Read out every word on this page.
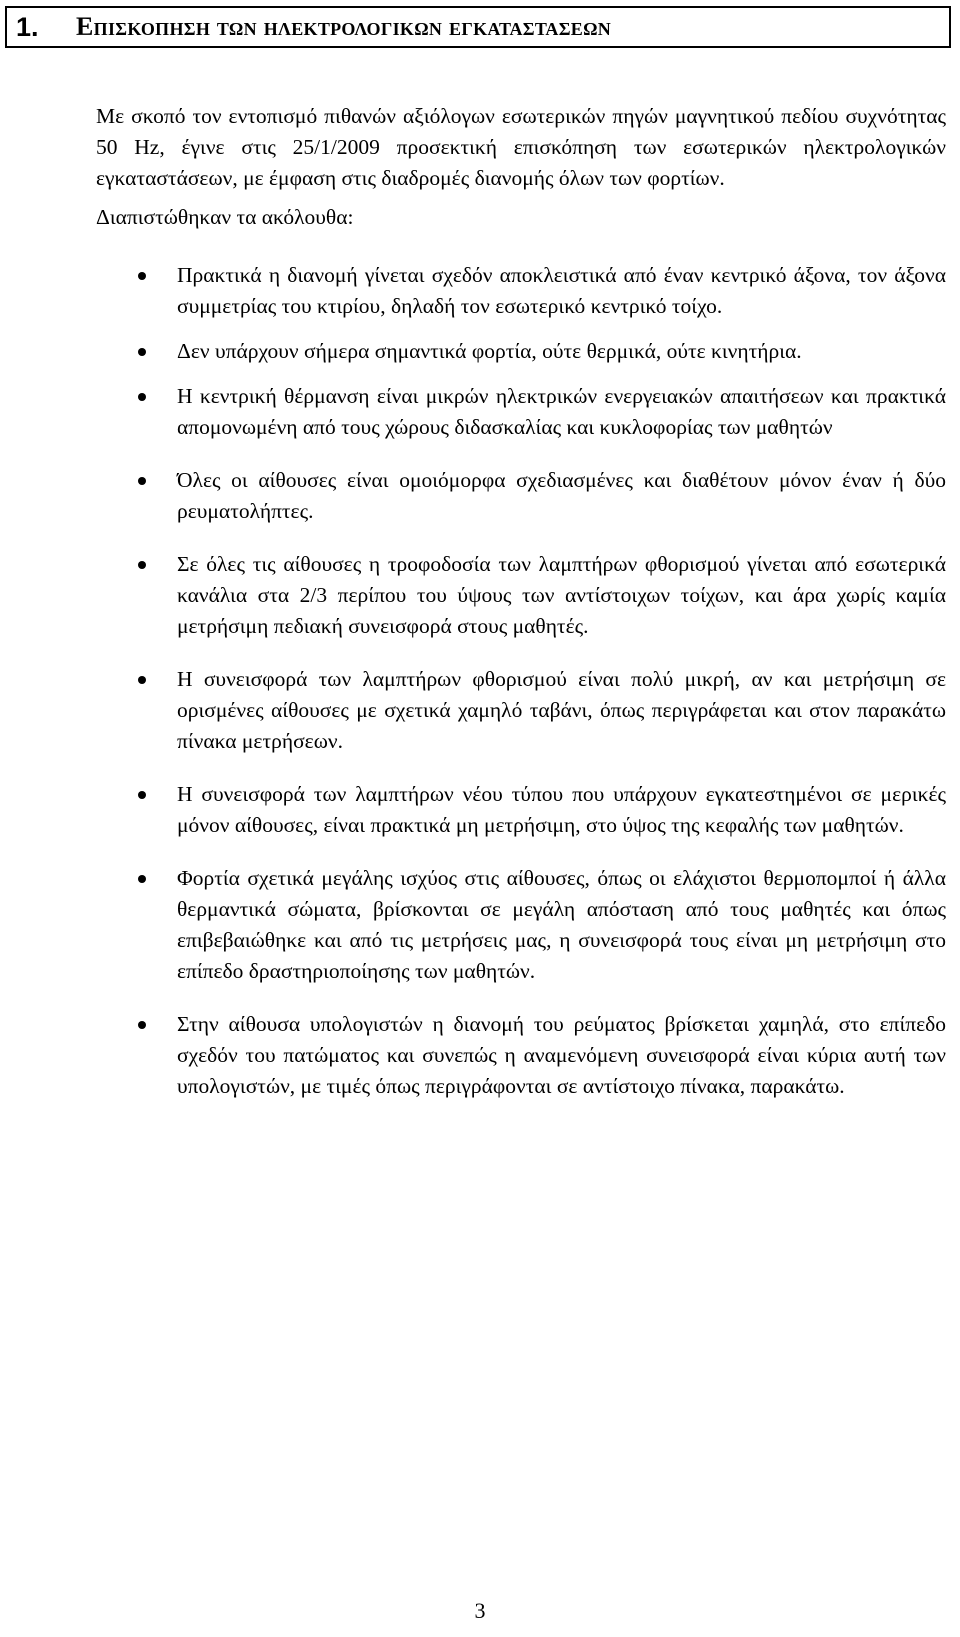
1.	Επισκοπηση των ηλεκτρολογικων εγκαταστασεων

Με σκοπό τον εντοπισμό πιθανών αξιόλογων εσωτερικών πηγών μαγνητικού πεδίου συχνότητας 50 Hz, έγινε στις 25/1/2009 προσεκτική επισκόπηση των εσωτερικών ηλεκτρολογικών εγκαταστάσεων, με έμφαση στις διαδρομές διανομής όλων των φορτίων.

Διαπιστώθηκαν τα ακόλουθα:

Πρακτικά η διανομή γίνεται σχεδόν αποκλειστικά από έναν κεντρικό άξονα, τον άξονα συμμετρίας του κτιρίου, δηλαδή τον εσωτερικό κεντρικό τοίχο.
Δεν υπάρχουν σήμερα σημαντικά φορτία, ούτε θερμικά, ούτε κινητήρια.
Η κεντρική θέρμανση είναι μικρών ηλεκτρικών ενεργειακών απαιτήσεων και πρακτικά απομονωμένη από τους χώρους διδασκαλίας και κυκλοφορίας των μαθητών
Όλες οι αίθουσες είναι ομοιόμορφα σχεδιασμένες και διαθέτουν μόνον έναν ή δύο ρευματολήπτες.
Σε όλες τις αίθουσες η τροφοδοσία των λαμπτήρων φθορισμού γίνεται από εσωτερικά κανάλια στα 2/3 περίπου του ύψους των αντίστοιχων τοίχων, και άρα χωρίς καμία μετρήσιμη πεδιακή συνεισφορά στους μαθητές.
Η συνεισφορά των λαμπτήρων φθορισμού είναι πολύ μικρή, αν και μετρήσιμη σε ορισμένες αίθουσες με σχετικά χαμηλό ταβάνι, όπως περιγράφεται και στον παρακάτω πίνακα μετρήσεων.
Η συνεισφορά των λαμπτήρων νέου τύπου που υπάρχουν εγκατεστημένοι σε μερικές μόνον αίθουσες, είναι πρακτικά μη μετρήσιμη, στο ύψος της κεφαλής των μαθητών.
Φορτία σχετικά μεγάλης ισχύος στις αίθουσες, όπως οι ελάχιστοι θερμοπομποί ή άλλα θερμαντικά σώματα, βρίσκονται σε μεγάλη απόσταση από τους μαθητές και όπως επιβεβαιώθηκε και από τις μετρήσεις μας, η συνεισφορά τους είναι μη μετρήσιμη στο επίπεδο δραστηριοποίησης των μαθητών.
Στην αίθουσα υπολογιστών η διανομή του ρεύματος βρίσκεται χαμηλά, στο επίπεδο σχεδόν του πατώματος και συνεπώς η αναμενόμενη συνεισφορά είναι κύρια αυτή των υπολογιστών, με τιμές όπως περιγράφονται σε αντίστοιχο πίνακα, παρακάτω.
3
